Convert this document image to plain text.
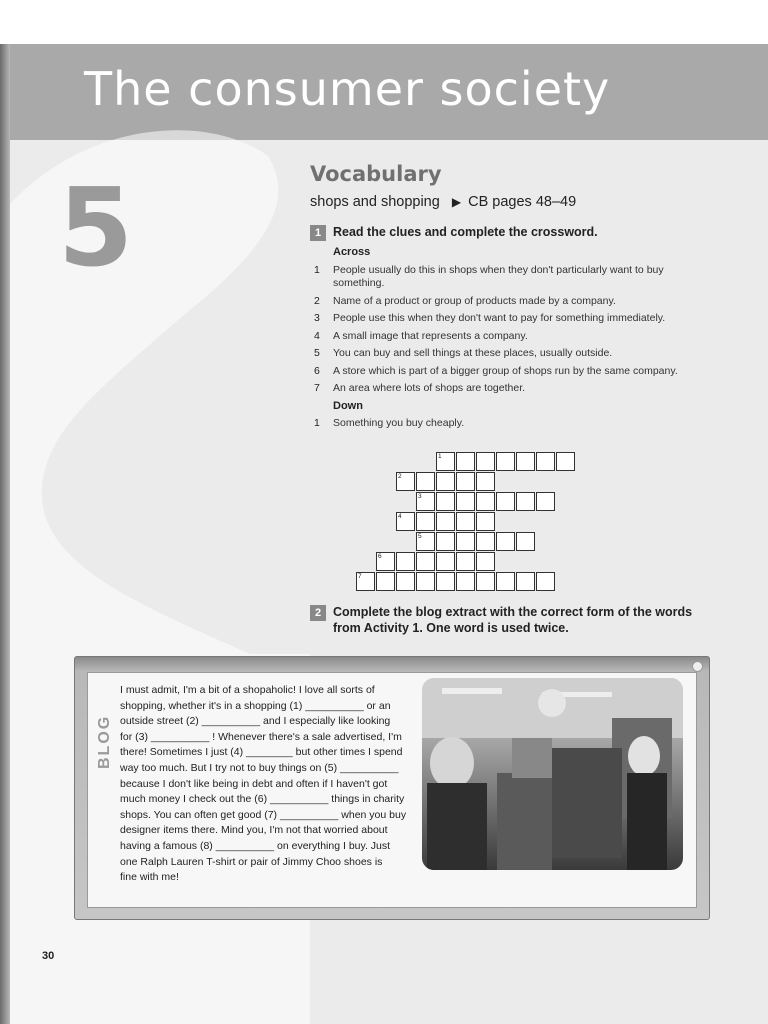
The consumer society
5	Vocabulary
shops and shopping ▶ CB pages 48–49
1 Read the clues and complete the crossword.
Across
1	People usually do this in shops when they don't particularly want to buy something.
2	Name of a product or group of products made by a company.
3	People use this when they don't want to pay for something immediately.
4	A small image that represents a company.
5	You can buy and sell things at these places, usually outside.
6	A store which is part of a bigger group of shops run by the same company.
7	An area where lots of shops are together.
Down
1	Something you buy cheaply.
1
2
3
4
5
6
7
2 Complete the blog extract with the correct form of the words from Activity 1. One word is used twice.
BLOG
I must admit, I'm a bit of a shopaholic! I love all sorts of
shopping, whether it's in a shopping (1) __________ or an
outside street (2) __________ and I especially like looking
for (3) __________ ! Whenever there's a sale advertised, I'm
there! Sometimes I just (4) ________ but other times I spend
way too much. But I try not to buy things on (5) __________
because I don't like being in debt and often if I haven't got
much money I check out the (6) __________ things in charity
shops. You can often get good (7) __________ when you buy
designer items there. Mind you, I'm not that worried about
having a famous (8) __________ on everything I buy. Just
one Ralph Lauren T-shirt or pair of Jimmy Choo shoes is
fine with me!
30
